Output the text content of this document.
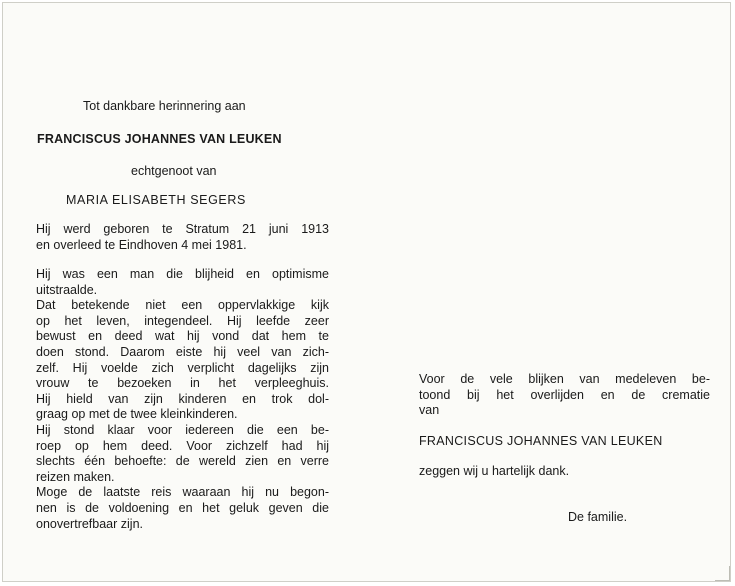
Tot dankbare herinnering aan
FRANCISCUS JOHANNES VAN LEUKEN
echtgenoot van
MARIA ELISABETH SEGERS
Hij werd geboren te Stratum 21 juni 1913
en overleed te Eindhoven 4 mei 1981.
Hij was een man die blijheid en optimisme
uitstraalde.
Dat betekende niet een oppervlakkige kijk
op het leven, integendeel. Hij leefde zeer
bewust en deed wat hij vond dat hem te
doen stond. Daarom eiste hij veel van zich-
zelf. Hij voelde zich verplicht dagelijks zijn
vrouw te bezoeken in het verpleeghuis.
Hij hield van zijn kinderen en trok dol-
graag op met de twee kleinkinderen.
Hij stond klaar voor iedereen die een be-
roep op hem deed. Voor zichzelf had hij
slechts één behoefte: de wereld zien en verre
reizen maken.
Moge de laatste reis waaraan hij nu begon-
nen is de voldoening en het geluk geven die
onovertrefbaar zijn.
Voor de vele blijken van medeleven be-
toond bij het overlijden en de crematie
van
FRANCISCUS JOHANNES VAN LEUKEN
zeggen wij u hartelijk dank.
De familie.
